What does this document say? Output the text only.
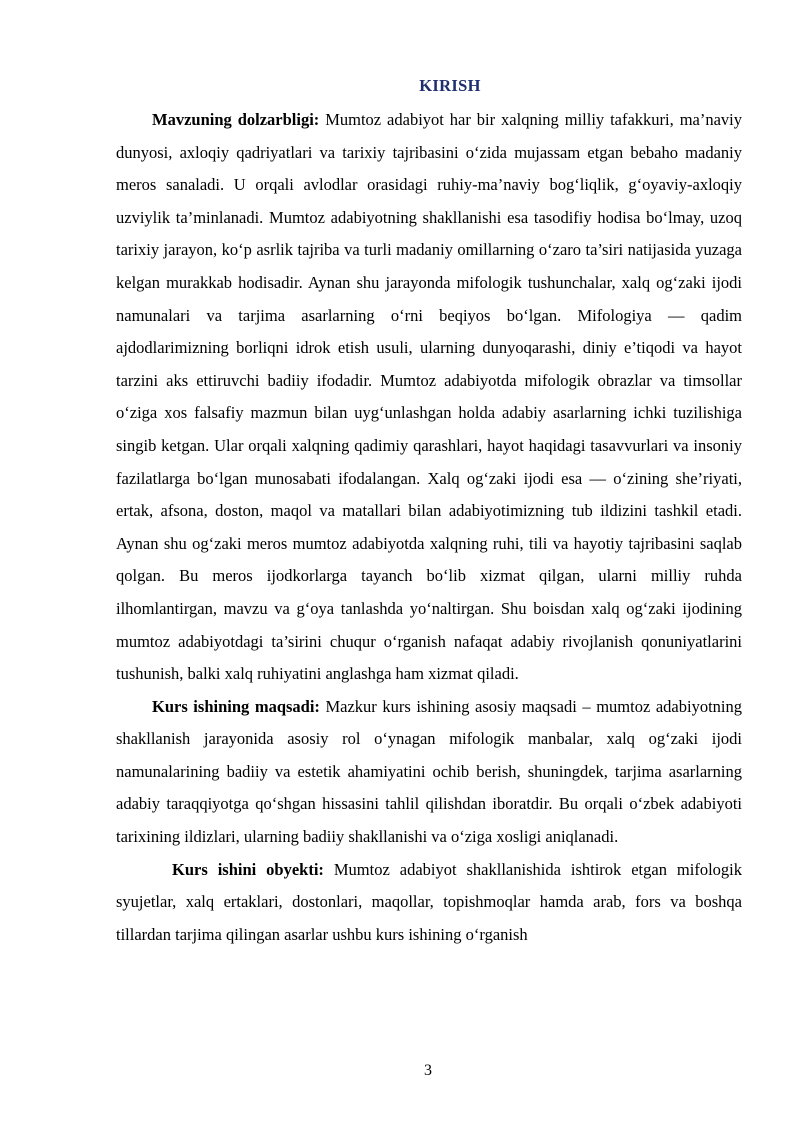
KIRISH

Mavzuning dolzarbligi: Mumtoz adabiyot har bir xalqning milliy tafakkuri, ma’naviy dunyosi, axloqiy qadriyatlari va tarixiy tajribasini o‘zida mujassam etgan bebaho madaniy meros sanaladi. U orqali avlodlar orasidagi ruhiy-ma’naviy bog‘liqlik, g‘oyaviy-axloqiy uzviylik ta’minlanadi. Mumtoz adabiyotning shakllanishi esa tasodifiy hodisa bo‘lmay, uzoq tarixiy jarayon, ko‘p asrlik tajriba va turli madaniy omillarning o‘zaro ta’siri natijasida yuzaga kelgan murakkab hodisadir. Aynan shu jarayonda mifologik tushunchalar, xalq og‘zaki ijodi namunalari va tarjima asarlarning o‘rni beqiyos bo‘lgan. Mifologiya — qadim ajdodlarimizning borliqni idrok etish usuli, ularning dunyoqarashi, diniy e’tiqodi va hayot tarzini aks ettiruvchi badiiy ifodadir. Mumtoz adabiyotda mifologik obrazlar va timsollar o‘ziga xos falsafiy mazmun bilan uyg‘unlashgan holda adabiy asarlarning ichki tuzilishiga singib ketgan. Ular orqali xalqning qadimiy qarashlari, hayot haqidagi tasavvurlari va insoniy fazilatlarga bo‘lgan munosabati ifodalangan. Xalq og‘zaki ijodi esa — o‘zining she’riyati, ertak, afsona, doston, maqol va matallari bilan adabiyotimizning tub ildizini tashkil etadi. Aynan shu og‘zaki meros mumtoz adabiyotda xalqning ruhi, tili va hayotiy tajribasini saqlab qolgan. Bu meros ijodkorlarga tayanch bo‘lib xizmat qilgan, ularni milliy ruhda ilhomlantirgan, mavzu va g‘oya tanlashda yo‘naltirgan. Shu boisdan xalq og‘zaki ijodining mumtoz adabiyotdagi ta’sirini chuqur o‘rganish nafaqat adabiy rivojlanish qonuniyatlarini tushunish, balki xalq ruhiyatini anglashga ham xizmat qiladi.

Kurs ishining maqsadi: Mazkur kurs ishining asosiy maqsadi – mumtoz adabiyotning shakllanish jarayonida asosiy rol o‘ynagan mifologik manbalar, xalq og‘zaki ijodi namunalarining badiiy va estetik ahamiyatini ochib berish, shuningdek, tarjima asarlarning adabiy taraqqiyotga qo‘shgan hissasini tahlil qilishdan iboratdir. Bu orqali o‘zbek adabiyoti tarixining ildizlari, ularning badiiy shakllanishi va o‘ziga xosligi aniqlanadi.

Kurs ishini obyekti: Mumtoz adabiyot shakllanishida ishtirok etgan mifologik syujetlar, xalq ertaklari, dostonlari, maqollar, topishmoqlar hamda arab, fors va boshqa tillardan tarjima qilingan asarlar ushbu kurs ishining o‘rganish

3
